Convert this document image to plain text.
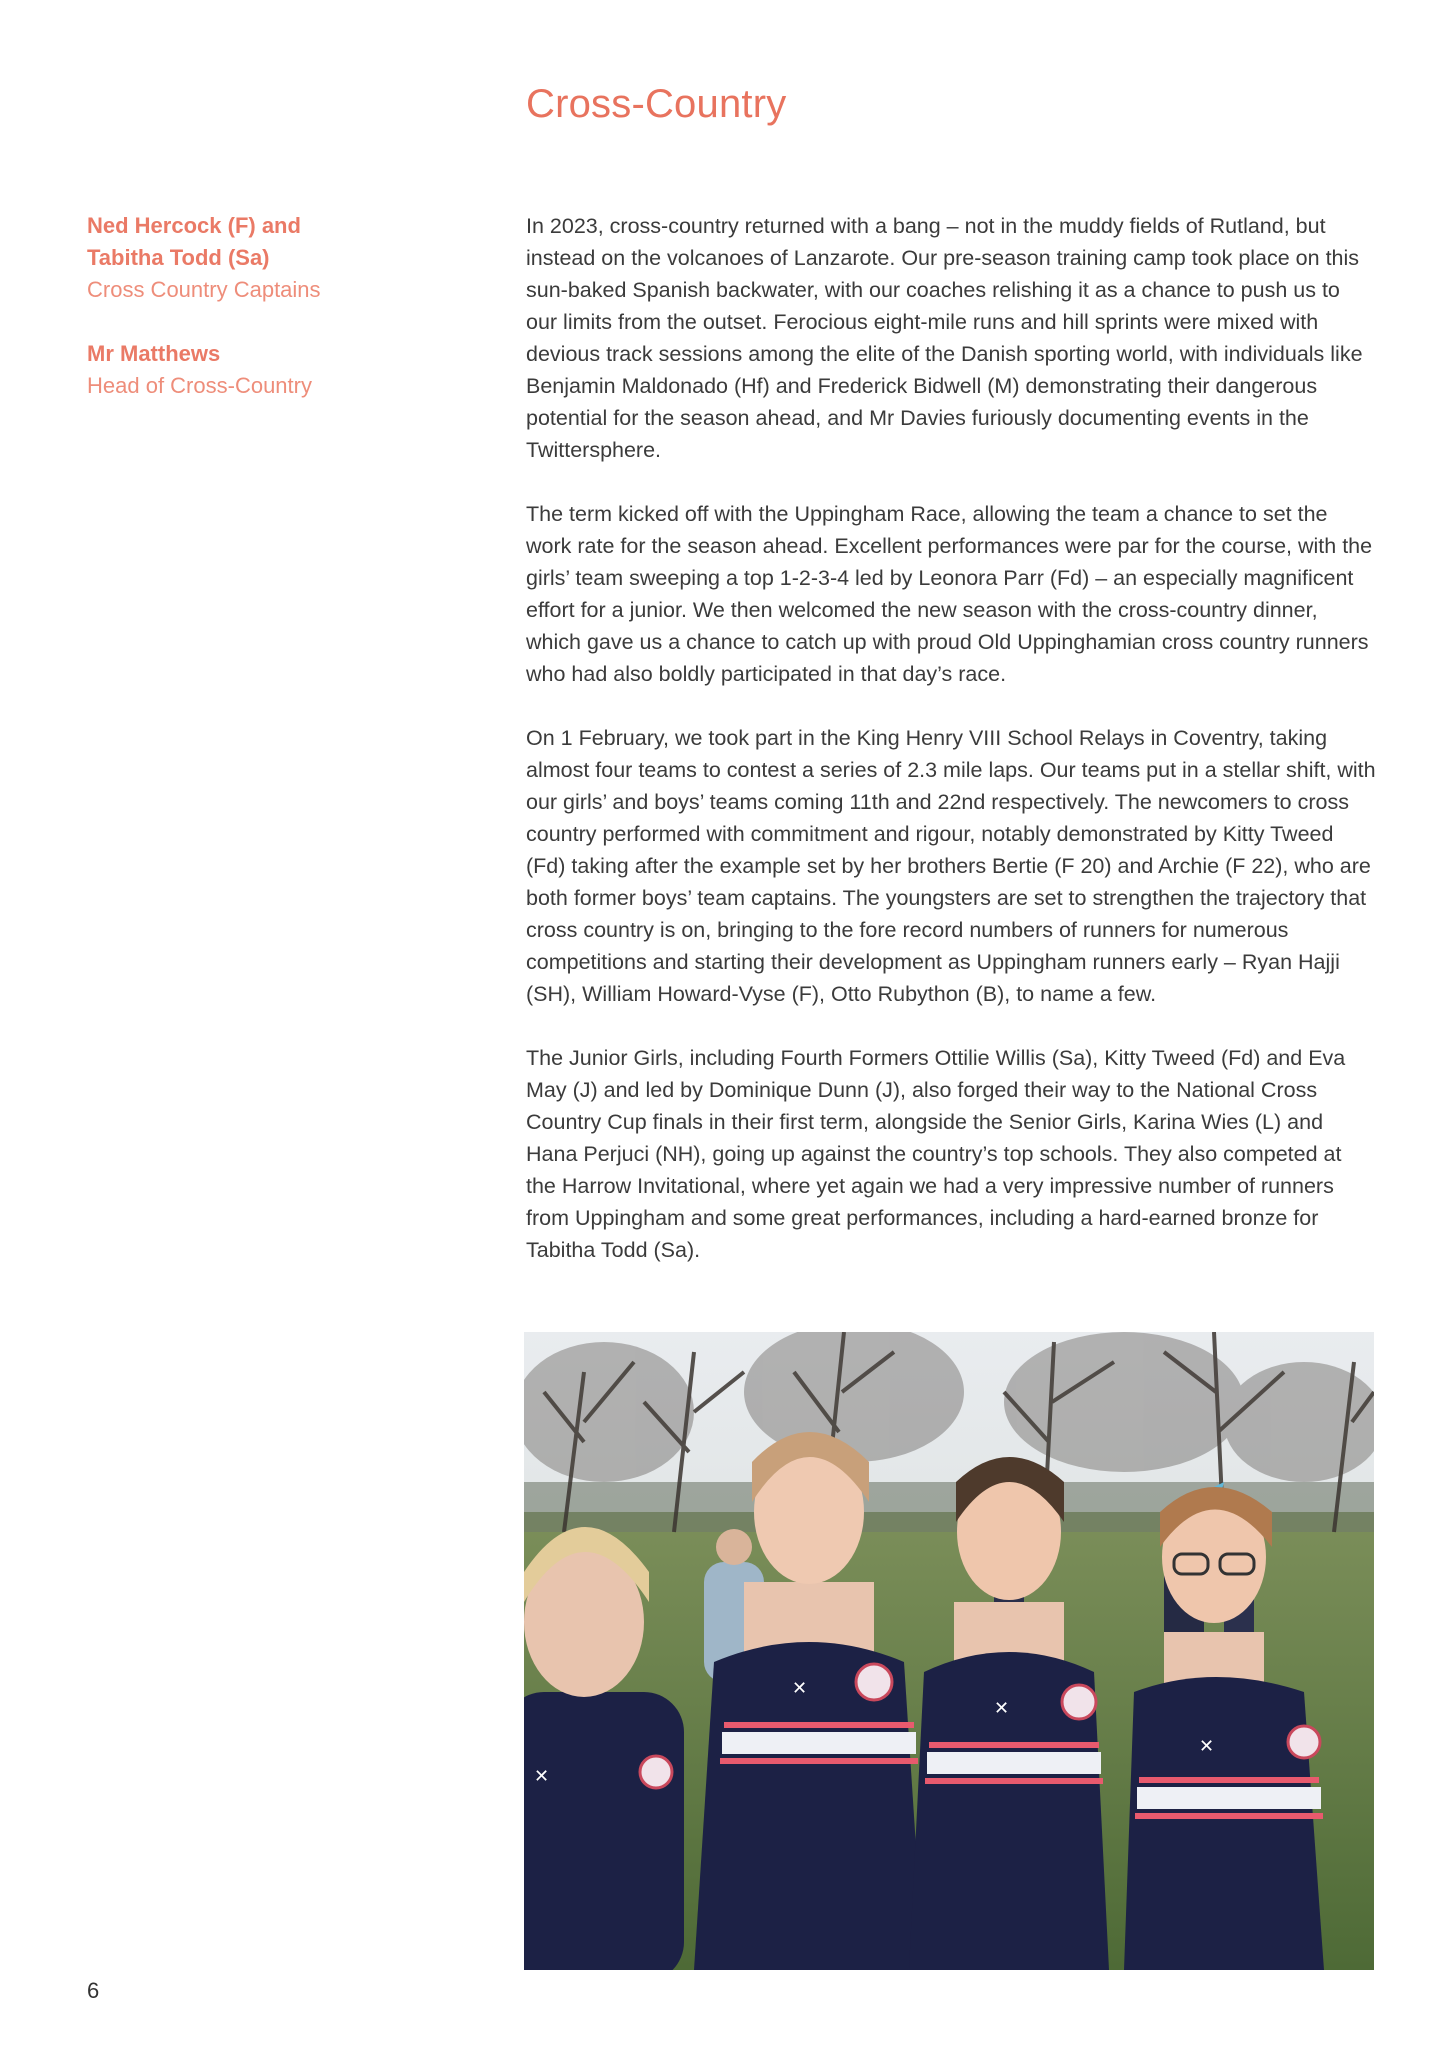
Cross-Country
Ned Hercock (F) and
Tabitha Todd (Sa)
Cross Country Captains
Mr Matthews
Head of Cross-Country

In 2023, cross-country returned with a bang – not in the muddy fields of Rutland, but instead on the volcanoes of Lanzarote. Our pre-season training camp took place on this sun-baked Spanish backwater, with our coaches relishing it as a chance to push us to our limits from the outset. Ferocious eight-mile runs and hill sprints were mixed with devious track sessions among the elite of the Danish sporting world, with individuals like Benjamin Maldonado (Hf) and Frederick Bidwell (M) demonstrating their dangerous potential for the season ahead, and Mr Davies furiously documenting events in the Twittersphere.

The term kicked off with the Uppingham Race, allowing the team a chance to set the work rate for the season ahead. Excellent performances were par for the course, with the girls’ team sweeping a top 1-2-3-4 led by Leonora Parr (Fd) – an especially magnificent effort for a junior. We then welcomed the new season with the cross-country dinner, which gave us a chance to catch up with proud Old Uppinghamian cross country runners who had also boldly participated in that day’s race.

On 1 February, we took part in the King Henry VIII School Relays in Coventry, taking almost four teams to contest a series of 2.3 mile laps. Our teams put in a stellar shift, with our girls’ and boys’ teams coming 11th and 22nd respectively. The newcomers to cross country performed with commitment and rigour, notably demonstrated by Kitty Tweed (Fd) taking after the example set by her brothers Bertie (F 20) and Archie (F 22), who are both former boys’ team captains. The youngsters are set to strengthen the trajectory that cross country is on, bringing to the fore record numbers of runners for numerous competitions and starting their development as Uppingham runners early – Ryan Hajji (SH), William Howard-Vyse (F), Otto Rubython (B), to name a few.

The Junior Girls, including Fourth Formers Ottilie Willis (Sa), Kitty Tweed (Fd) and Eva May (J) and led by Dominique Dunn (J), also forged their way to the National Cross Country Cup finals in their first term, alongside the Senior Girls, Karina Wies (L) and Hana Perjuci (NH), going up against the country’s top schools. They also competed at the Harrow Invitational, where yet again we had a very impressive number of runners from Uppingham and some great performances, including a hard-earned bronze for Tabitha Todd (Sa).

✕
✕
✕
✕
6
